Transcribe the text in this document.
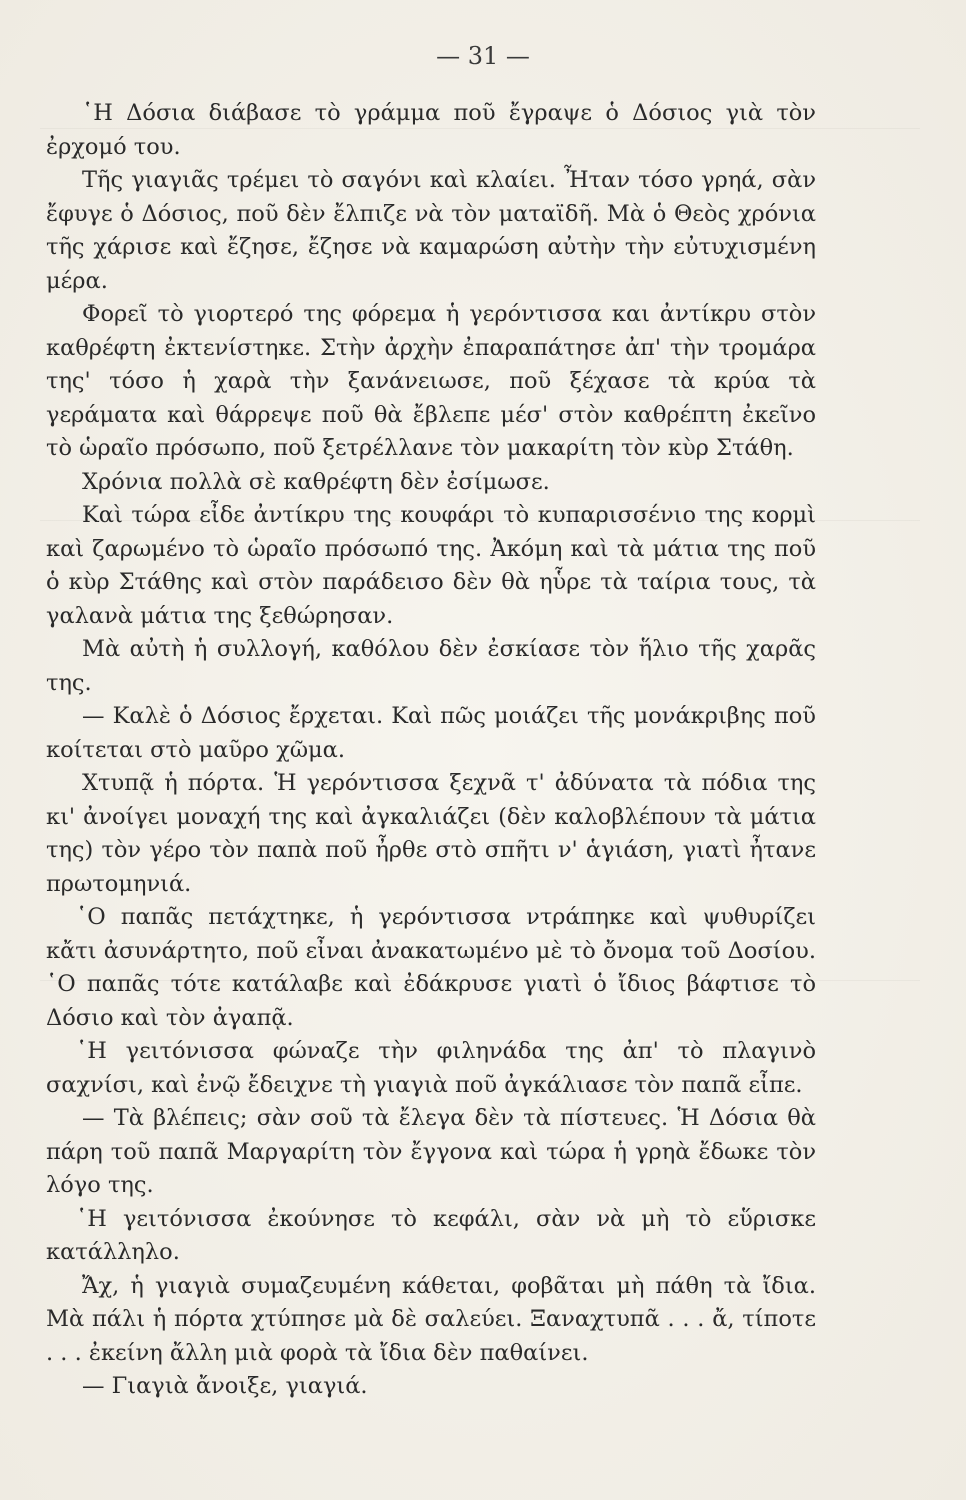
— 31 —

῾Η Δόσια διάβασε τὸ γράμμα ποῦ ἔγραψε ὁ Δόσιος γιὰ τὸν ἐρχομό του.

Τῆς γιαγιᾶς τρέμει τὸ σαγόνι καὶ κλαίει. Ἦταν τόσο γρηά, σὰν ἔφυγε ὁ Δόσιος, ποῦ δὲν ἔλπιζε νὰ τὸν ματαϊδῆ. Μὰ ὁ Θεὸς χρόνια τῆς χάρισε καὶ ἔζησε, ἔζησε νὰ καμαρώση αὐτὴν τὴν εὐτυχισμένη μέρα.

Φορεῖ τὸ γιορτερό της φόρεμα ἡ γερόντισσα και ἀντίκρυ στὸν καθρέφτη ἐκτενίστηκε. Στὴν ἀρχὴν ἐπαραπάτησε ἀπ' τὴν τρομάρα της' τόσο ἡ χαρὰ τὴν ξανάνειωσε, ποῦ ξέχασε τὰ κρύα τὰ γεράματα καὶ θάρρεψε ποῦ θὰ ἔβλεπε μέσ' στὸν καθρέπτη ἐκεῖνο τὸ ὡραῖο πρόσωπο, ποῦ ξετρέλλανε τὸν μακαρίτη τὸν κὺρ Στάθη.

Χρόνια πολλὰ σὲ καθρέφτη δὲν ἐσίμωσε.

Καὶ τώρα εἶδε ἀντίκρυ της κουφάρι τὸ κυπαρισσένιο της κορμὶ καὶ ζαρωμένο τὸ ὡραῖο πρόσωπό της. Ἀκόμη καὶ τὰ μάτια της ποῦ ὁ κὺρ Στάθης καὶ στὸν παράδεισο δὲν θὰ ηὗρε τὰ ταίρια τους, τὰ γαλανὰ μάτια της ξεθώρησαν.

Μὰ αὐτὴ ἡ συλλογή, καθόλου δὲν ἐσκίασε τὸν ἥλιο τῆς χαρᾶς της.

— Καλὲ ὁ Δόσιος ἔρχεται. Καὶ πῶς μοιάζει τῆς μονάκριβης ποῦ κοίτεται στὸ μαῦρο χῶμα.

Χτυπᾷ ἡ πόρτα. Ἡ γερόντισσα ξεχνᾶ τ' ἀδύνατα τὰ πόδια της κι' ἀνοίγει μοναχή της καὶ ἀγκαλιάζει (δὲν καλοβλέπουν τὰ μάτια της) τὸν γέρο τὸν παπὰ ποῦ ἦρθε στὸ σπῆτι ν' ἁγιάση, γιατὶ ἦτανε πρωτομηνιά.

῾Ο παπᾶς πετάχτηκε, ἡ γερόντισσα ντράπηκε καὶ ψυθυρίζει κἄτι ἀσυνάρτητο, ποῦ εἶναι ἀνακατωμένο μὲ τὸ ὄνομα τοῦ Δοσίου. ῾Ο παπᾶς τότε κατάλαβε καὶ ἐδάκρυσε γιατὶ ὁ ἴδιος βάφτισε τὸ Δόσιο καὶ τὸν ἀγαπᾷ.

῾Η γειτόνισσα φώναζε τὴν φιληνάδα της ἀπ' τὸ πλαγινὸ σαχνίσι, καὶ ἐνῷ ἔδειχνε τὴ γιαγιὰ ποῦ ἀγκάλιασε τὸν παπᾶ εἶπε.

— Τὰ βλέπεις; σὰν σοῦ τὰ ἔλεγα δὲν τὰ πίστευες. Ἡ Δόσια θὰ πάρη τοῦ παπᾶ Μαργαρίτη τὸν ἔγγονα καὶ τώρα ἡ γρηὰ ἔδωκε τὸν λόγο της.

῾Η γειτόνισσα ἐκούνησε τὸ κεφάλι, σὰν νὰ μὴ τὸ εὕρισκε κατάλληλο.

Ἄχ, ἡ γιαγιὰ συμαζευμένη κάθεται, φοβᾶται μὴ πάθη τὰ ἴδια. Μὰ πάλι ἡ πόρτα χτύπησε μὰ δὲ σαλεύει. Ξαναχτυπᾶ . . . ἄ, τίποτε . . . ἐκείνη ἄλλη μιὰ φορὰ τὰ ἴδια δὲν παθαίνει.

— Γιαγιὰ ἄνοιξε, γιαγιά.
